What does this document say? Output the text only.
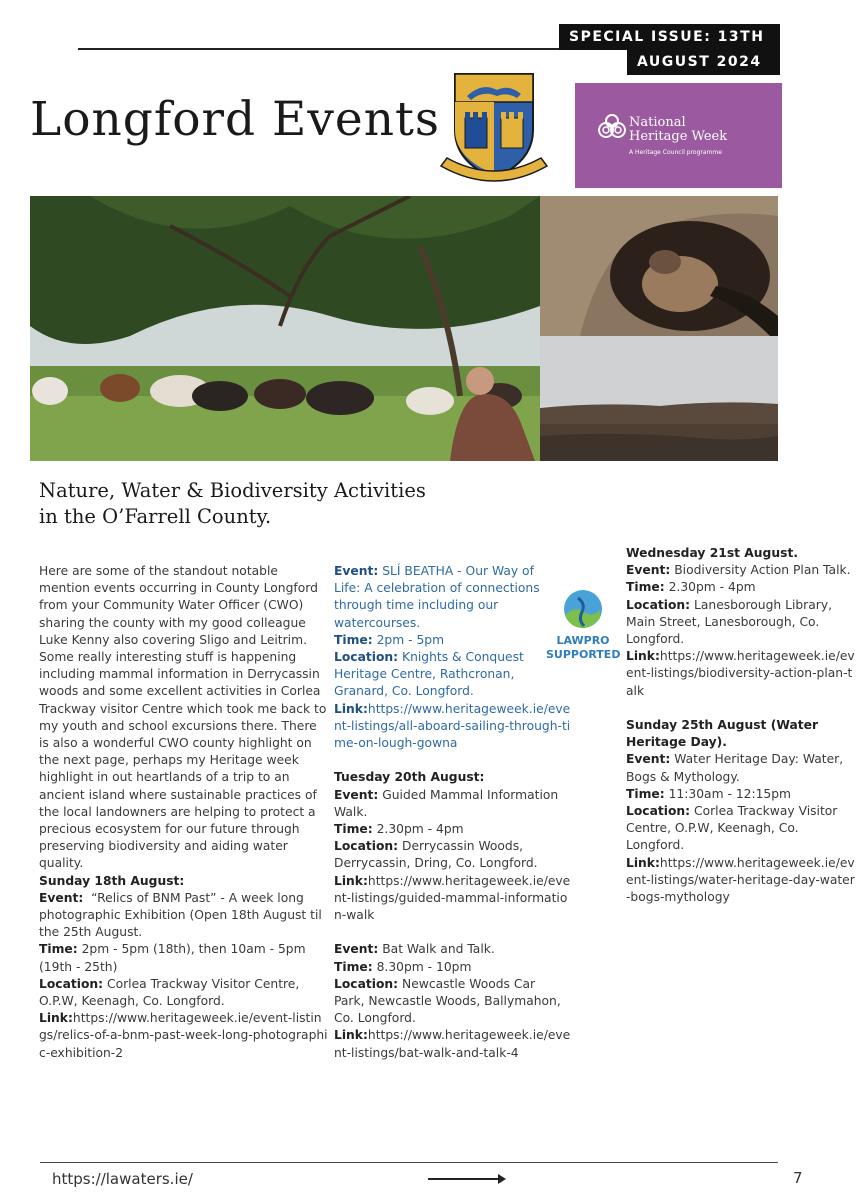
SPECIAL ISSUE: 13TH
AUGUST 2024
Longford Events	National
Heritage Week
A Heritage Council programme
Nature, Water & Biodiversity Activities
in the O’Farrell County.

Here are some of the standout notable mention events occurring in County Longford from your Community Water Officer (CWO) sharing the county with my good colleague Luke Kenny also covering Sligo and Leitrim. Some really interesting stuff is happening including mammal information in Derrycassin woods and some excellent activities in Corlea Trackway visitor Centre which took me back to my youth and school excursions there. There is also a wonderful CWO county highlight on the next page, perhaps my Heritage week highlight in out heartlands of a trip to an ancient island where sustainable practices of the local landowners are helping to protect a precious ecosystem for our future through preserving biodiversity and aiding water quality.

Sunday 18th August:

Event: “Relics of BNM Past” - A week long photographic Exhibition (Open 18th August til the 25th August.

Time: 2pm - 5pm (18th), then 10am - 5pm (19th - 25th)

Location: Corlea Trackway Visitor Centre, O.P.W, Keenagh, Co. Longford.

Link:https://www.heritageweek.ie/event-listings/relics-of-a-bnm-past-week-long-photographic-exhibition-2

Event: SLÍ BEATHA - Our Way of Life: A celebration of connections through time including our watercourses.

Time: 2pm - 5pm

Location: Knights & Conquest Heritage Centre, Rathcronan, Granard, Co. Longford.

Link:https://www.heritageweek.ie/event-listings/all-aboard-sailing-through-time-on-lough-gowna

Tuesday 20th August:

Event: Guided Mammal Information Walk.

Time: 2.30pm - 4pm

Location: Derrycassin Woods, Derrycassin, Dring, Co. Longford.

Link:https://www.heritageweek.ie/event-listings/guided-mammal-information-walk

Event: Bat Walk and Talk.

Time: 8.30pm - 10pm

Location: Newcastle Woods Car Park, Newcastle Woods, Ballymahon, Co. Longford.

Link:https://www.heritageweek.ie/event-listings/bat-walk-and-talk-4

LAWPRO
SUPPORTED

Wednesday 21st August.

Event: Biodiversity Action Plan Talk.

Time: 2.30pm - 4pm

Location: Lanesborough Library, Main Street, Lanesborough, Co. Longford.

Link:https://www.heritageweek.ie/event-listings/biodiversity-action-plan-talk

Sunday 25th August (Water Heritage Day).

Event: Water Heritage Day: Water, Bogs & Mythology.

Time: 11:30am - 12:15pm

Location: Corlea Trackway Visitor Centre, O.P.W, Keenagh, Co. Longford.

Link:https://www.heritageweek.ie/event-listings/water-heritage-day-water-bogs-mythology

https://lawaters.ie/	7
